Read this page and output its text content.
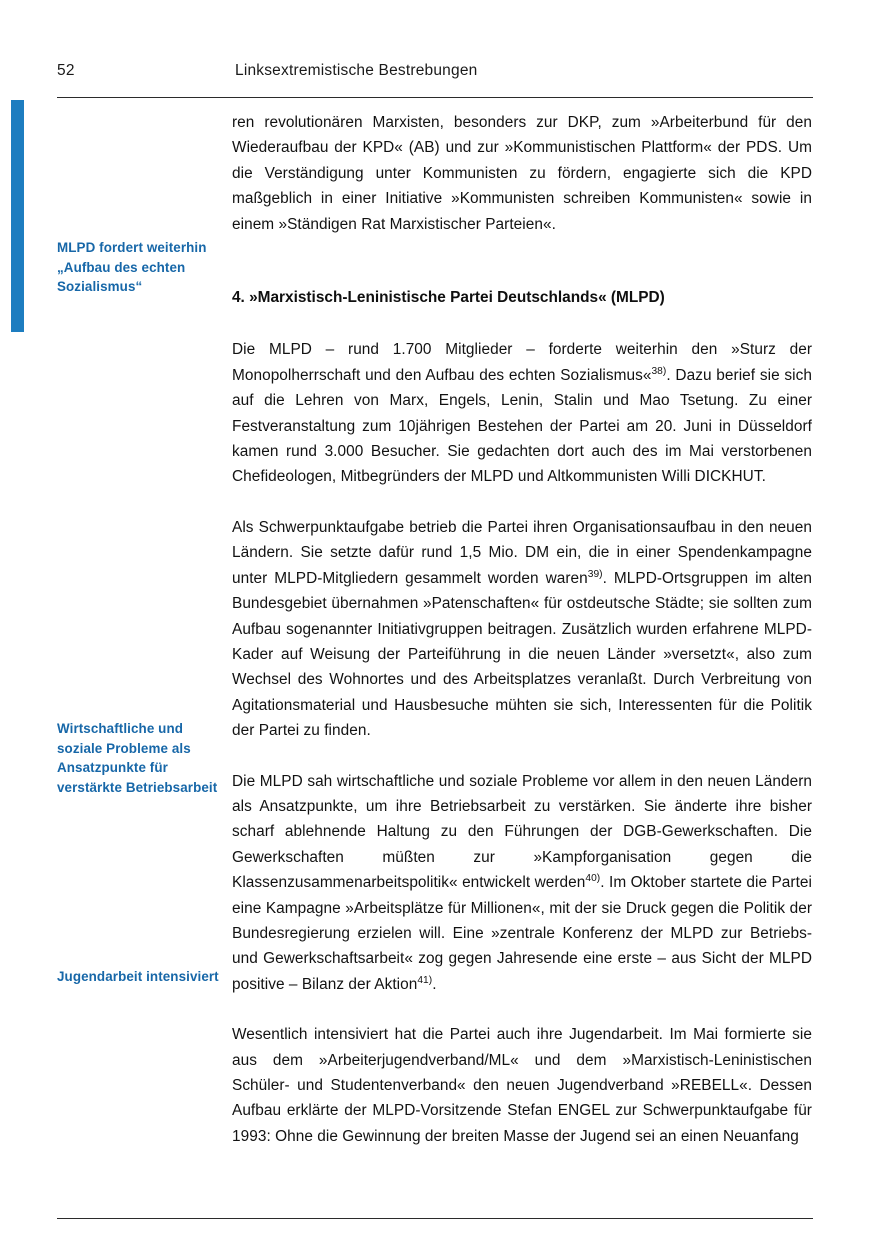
52	Linksextremistische Bestrebungen
MLPD fordert weiterhin „Aufbau des echten Sozialismus“
Wirtschaftliche und soziale Probleme als Ansatzpunkte für verstärkte Betriebsarbeit
Jugendarbeit intensiviert

ren revolutionären Marxisten, besonders zur DKP, zum »Arbeiterbund für den Wiederaufbau der KPD« (AB) und zur »Kommunistischen Plattform« der PDS. Um die Verständigung unter Kommunisten zu fördern, engagierte sich die KPD maßgeblich in einer Initiative »Kommunisten schreiben Kommunisten« sowie in einem »Ständigen Rat Marxistischer Parteien«.

4. »Marxistisch-Leninistische Partei Deutschlands« (MLPD)

Die MLPD – rund 1.700 Mitglieder – forderte weiterhin den »Sturz der Monopolherrschaft und den Aufbau des echten Sozialismus«$^{38)}$. Dazu berief sie sich auf die Lehren von Marx, Engels, Lenin, Stalin und Mao Tsetung. Zu einer Festveranstaltung zum 10jährigen Bestehen der Partei am 20. Juni in Düsseldorf kamen rund 3.000 Besucher. Sie gedachten dort auch des im Mai verstorbenen Chefideologen, Mitbegründers der MLPD und Altkommunisten Willi DICKHUT.

Als Schwerpunktaufgabe betrieb die Partei ihren Organisationsaufbau in den neuen Ländern. Sie setzte dafür rund 1,5 Mio. DM ein, die in einer Spendenkampagne unter MLPD-Mitgliedern gesammelt worden waren$^{39)}$. MLPD-Ortsgruppen im alten Bundesgebiet übernahmen »Patenschaften« für ostdeutsche Städte; sie sollten zum Aufbau sogenannter Initiativgruppen beitragen. Zusätzlich wurden erfahrene MLPD-Kader auf Weisung der Parteiführung in die neuen Länder »versetzt«, also zum Wechsel des Wohnortes und des Arbeitsplatzes veranlaßt. Durch Verbreitung von Agitationsmaterial und Hausbesuche mühten sie sich, Interessenten für die Politik der Partei zu finden.

Die MLPD sah wirtschaftliche und soziale Probleme vor allem in den neuen Ländern als Ansatzpunkte, um ihre Betriebsarbeit zu verstärken. Sie änderte ihre bisher scharf ablehnende Haltung zu den Führungen der DGB-Gewerkschaften. Die Gewerkschaften müßten zur »Kampforganisation gegen die Klassenzusammenarbeitspolitik« entwickelt werden$^{40)}$. Im Oktober startete die Partei eine Kampagne »Arbeitsplätze für Millionen«, mit der sie Druck gegen die Politik der Bundesregierung erzielen will. Eine »zentrale Konferenz der MLPD zur Betriebs- und Gewerkschaftsarbeit« zog gegen Jahresende eine erste – aus Sicht der MLPD positive – Bilanz der Aktion$^{41)}$.

Wesentlich intensiviert hat die Partei auch ihre Jugendarbeit. Im Mai formierte sie aus dem »Arbeiterjugendverband/ML« und dem »Marxistisch-Leninistischen Schüler- und Studentenverband« den neuen Jugendverband »REBELL«. Dessen Aufbau erklärte der MLPD-Vorsitzende Stefan ENGEL zur Schwerpunktaufgabe für 1993: Ohne die Gewinnung der breiten Masse der Jugend sei an einen Neuanfang
